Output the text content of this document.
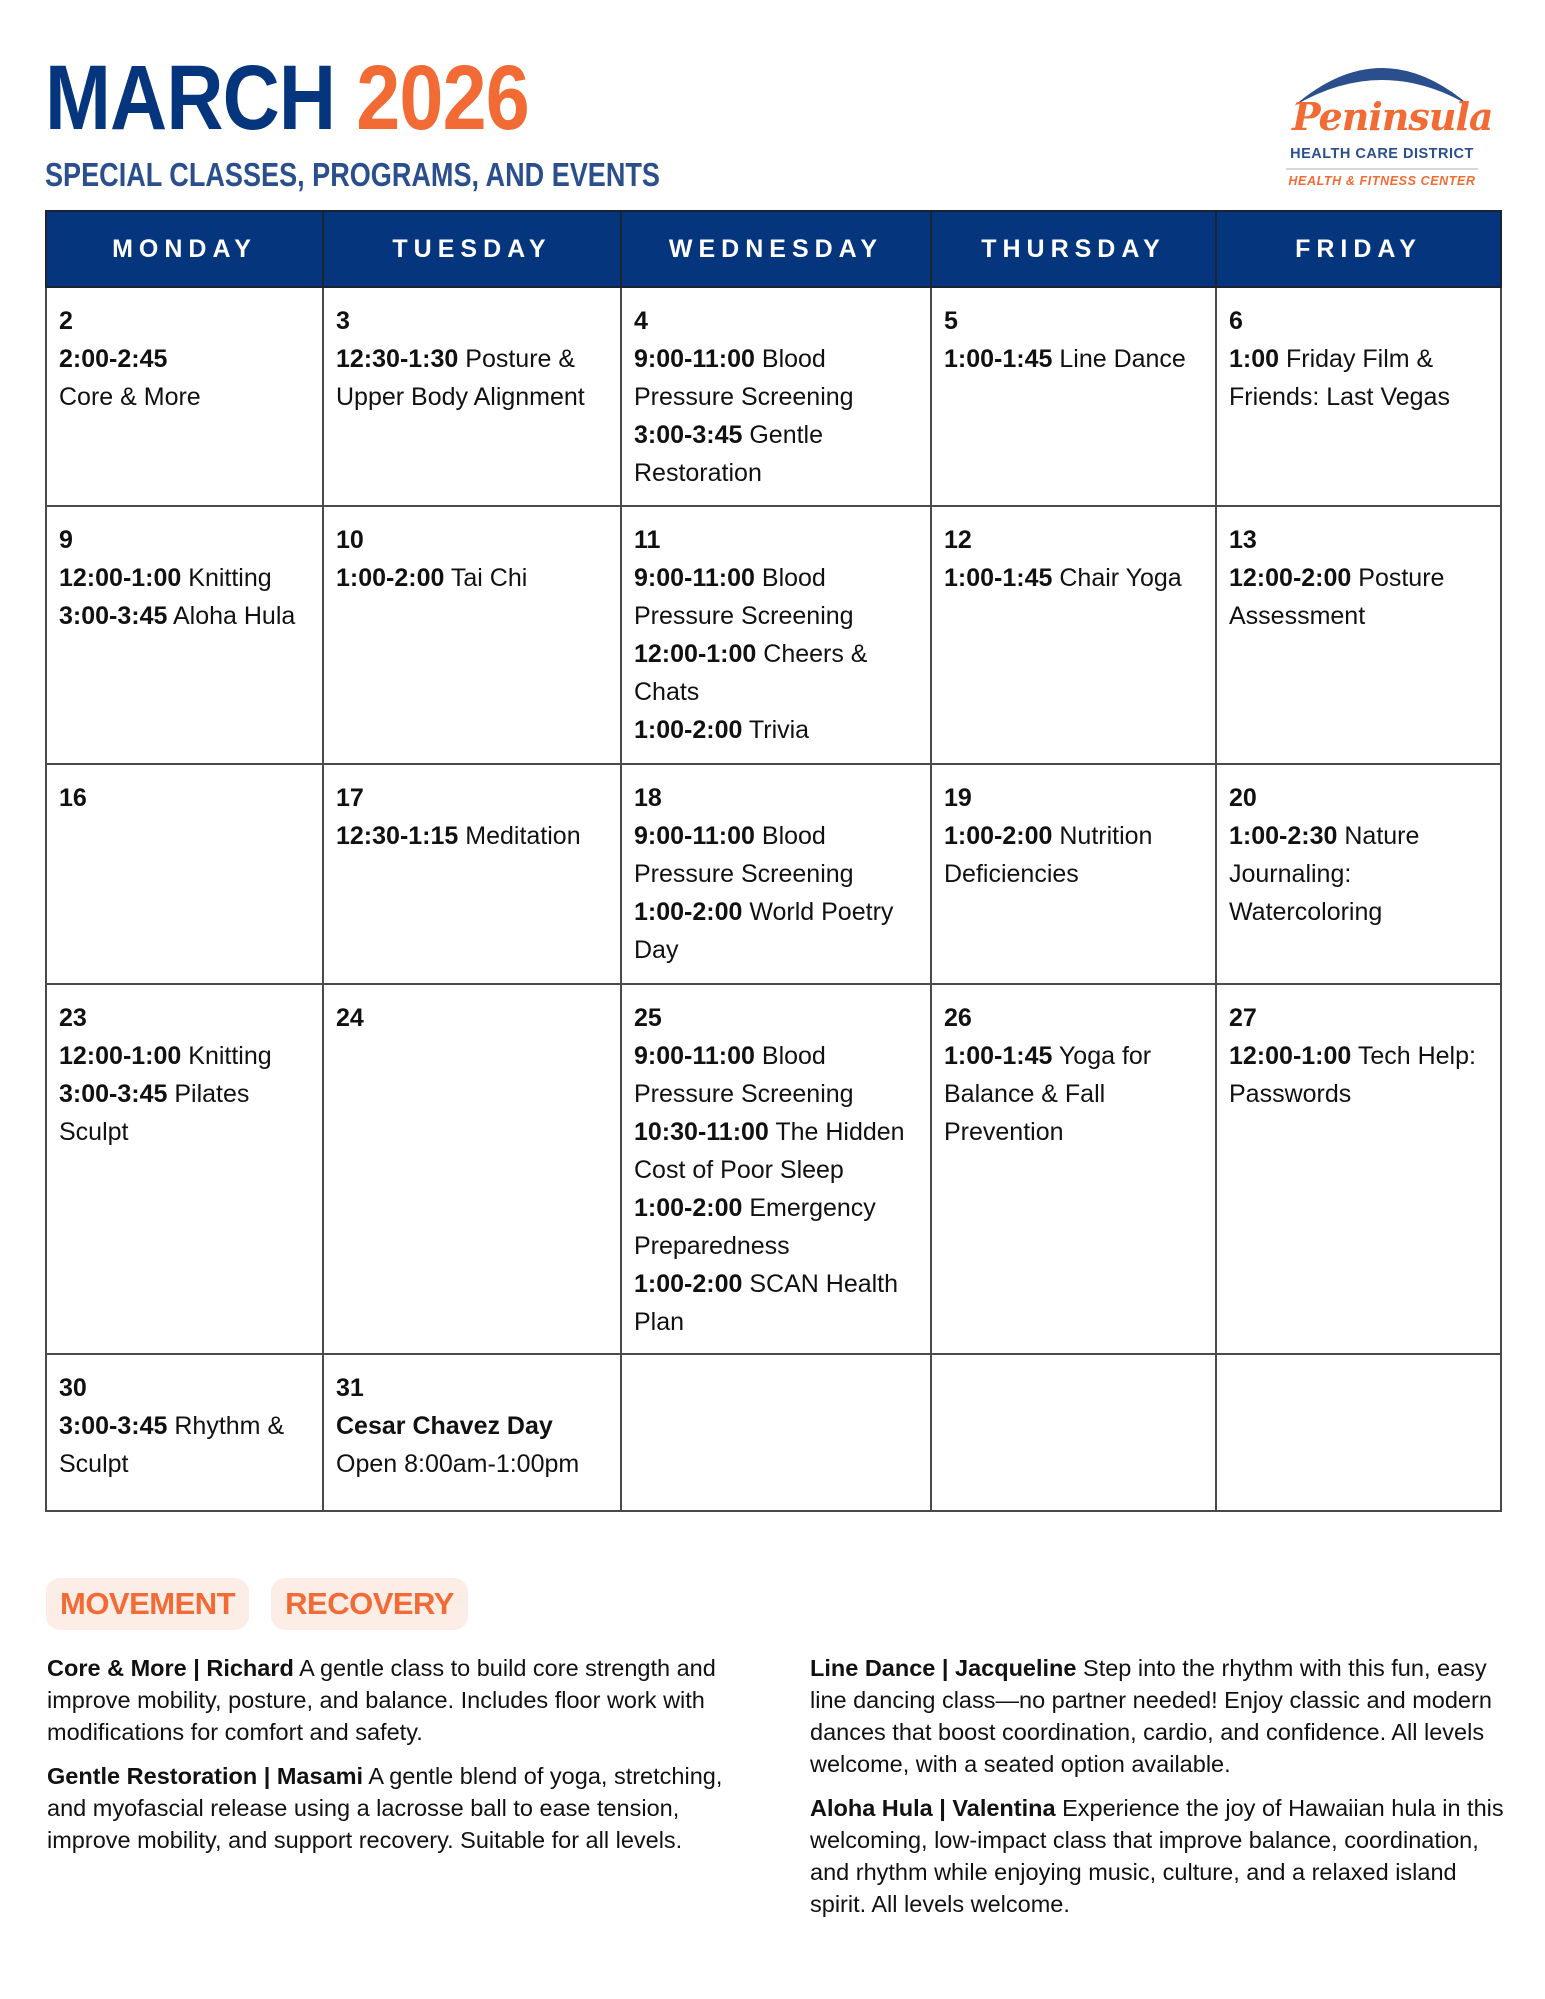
MARCH 2026
SPECIAL CLASSES, PROGRAMS, AND EVENTS
Peninsula
HEALTH CARE DISTRICT
HEALTH & FITNESS CENTER
MONDAY	TUESDAY	WEDNESDAY	THURSDAY	FRIDAY

2
2:00-2:45
Core & More	3
12:30-1:30 Posture & Upper Body Alignment	4
9:00-11:00 Blood Pressure Screening
3:00-3:45 Gentle Restoration	5
1:00-1:45 Line Dance	6
1:00 Friday Film & Friends: Last Vegas

9
12:00-1:00 Knitting
3:00-3:45 Aloha Hula	10
1:00-2:00 Tai Chi	11
9:00-11:00 Blood Pressure Screening
12:00-1:00 Cheers & Chats
1:00-2:00 Trivia	12
1:00-1:45 Chair Yoga	13
12:00-2:00 Posture Assessment

16	17
12:30-1:15 Meditation	18
9:00-11:00 Blood Pressure Screening
1:00-2:00 World Poetry Day	19
1:00-2:00 Nutrition Deficiencies	20
1:00-2:30 Nature Journaling: Watercoloring

23
12:00-1:00 Knitting
3:00-3:45 Pilates Sculpt	24	25
9:00-11:00 Blood Pressure Screening
10:30-11:00 The Hidden Cost of Poor Sleep
1:00-2:00 Emergency Preparedness
1:00-2:00 SCAN Health Plan	26
1:00-1:45 Yoga for Balance & Fall Prevention	27
12:00-1:00 Tech Help: Passwords

30
3:00-3:45 Rhythm & Sculpt	31
Cesar Chavez Day
Open 8:00am-1:00pm			

MOVEMENT	RECOVERY

Core & More | Richard A gentle class to build core strength and improve mobility, posture, and balance. Includes floor work with modifications for comfort and safety.

Gentle Restoration | Masami A gentle blend of yoga, stretching, and myofascial release using a lacrosse ball to ease tension, improve mobility, and support recovery. Suitable for all levels.

Line Dance | Jacqueline Step into the rhythm with this fun, easy line dancing class—no partner needed! Enjoy classic and modern dances that boost coordination, cardio, and confidence. All levels welcome, with a seated option available.

Aloha Hula | Valentina Experience the joy of Hawaiian hula in this welcoming, low-impact class that improve balance, coordination, and rhythm while enjoying music, culture, and a relaxed island spirit. All levels welcome.
